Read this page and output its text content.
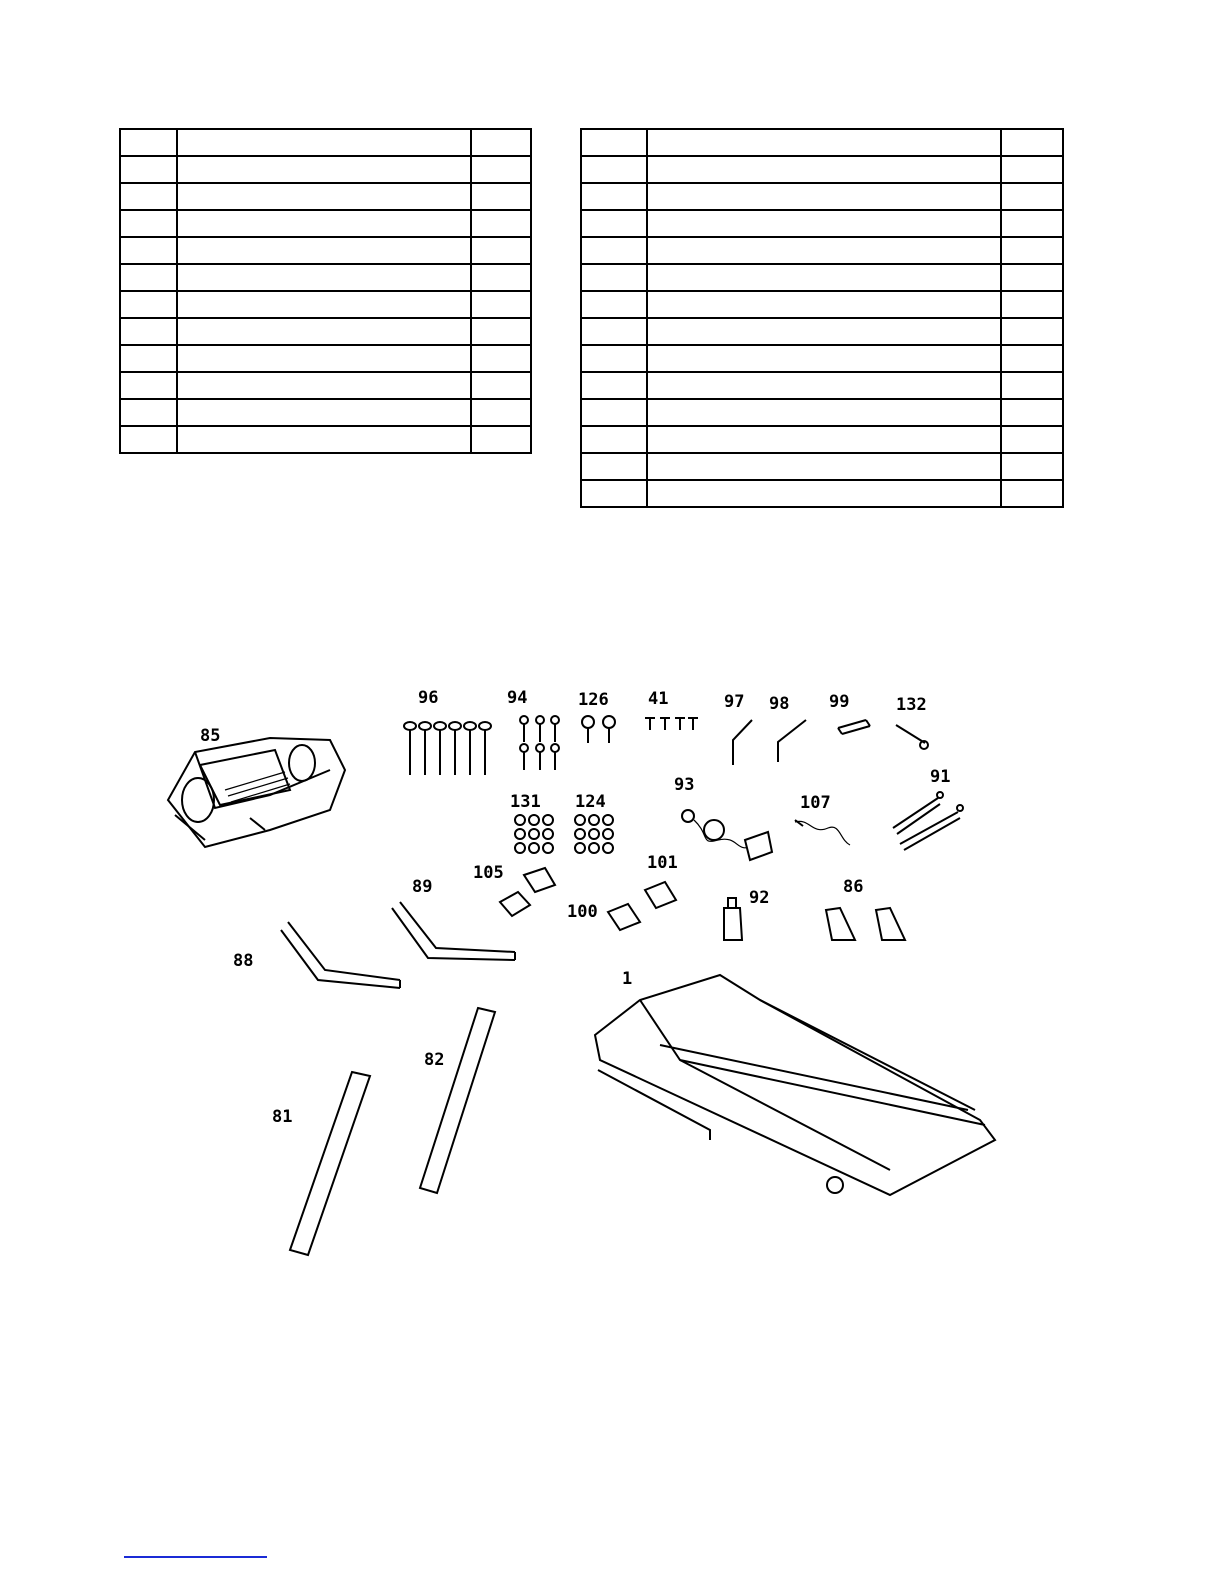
85
96	94	126 41	97 98 99	132
93
131 124	107
91
105	101
100
92
86
89
88
1
82
81
